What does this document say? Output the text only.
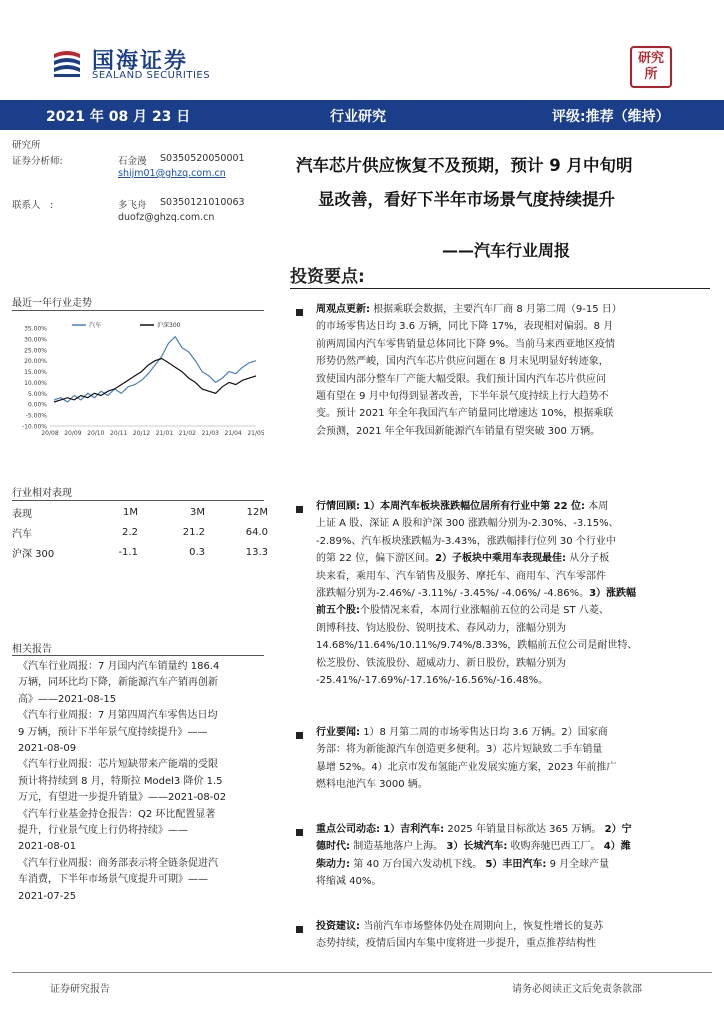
国海证券
SEALAND SECURITIES
研究所
2021 年 08 月 23 日	行业研究	评级:推荐（维持）
研究所
证券分析师:	石金漫 S0350520050001
shijm01@ghzq.com.cn
联系人　:	多飞舟 S0350121010063
duofz@ghzq.com.cn
汽车芯片供应恢复不及预期，预计 9 月中旬明
显改善，看好下半年市场景气度持续提升
——汽车行业周报
最近一年行业走势
35.00%
30.00%
25.00%
20.00%
15.00%
10.00%
5.00%
0.00%
-5.00%
-10.00%
20/08 20/09 20/10 20/11 20/12 21/01 21/02 21/03 21/04 21/05
汽车	沪深300
行业相对表现
表现	1M	3M	12M
汽车	2.2	21.2	64.0
沪深 300	-1.1	0.3	13.3
相关报告
《汽车行业周报：7 月国内汽车销量约 186.4
万辆，同环比均下降，新能源汽车产销再创新
高》——2021-08-15
《汽车行业周报：7 月第四周汽车零售达日均
9 万辆，预计下半年景气度持续提升》——
2021-08-09
《汽车行业周报：芯片短缺带来产能端的受限
预计将持续到 8 月，特斯拉 Model3 降价 1.5
万元，有望进一步提升销量》——2021-08-02
《汽车行业基金持仓报告：Q2 环比配置显著
提升，行业景气度上行仍将持续》——
2021-08-01
《汽车行业周报：商务部表示将全链条促进汽
车消费，下半年市场景气度提升可期》——
2021-07-25
投资要点:
周观点更新: 根据乘联会数据，主要汽车厂商 8 月第二周（9-15 日）
的市场零售达日均 3.6 万辆，同比下降 17%，表现相对偏弱。8 月
前两周国内汽车零售销量总体同比下降 9%。当前马来西亚地区疫情
形势仍然严峻，国内汽车芯片供应问题在 8 月末见明显好转迹象，
致使国内部分整车厂产能大幅受限。我们预计国内汽车芯片供应问
题有望在 9 月中旬得到显著改善，下半年景气度持续上行大趋势不
变。预计 2021 年全年我国汽车产销量同比增速达 10%，根据乘联
会预测，2021 年全年我国新能源汽车销量有望突破 300 万辆。
行情回顾: 1）本周汽车板块涨跌幅位居所有行业中第 22 位: 本周
上证 A 股、深证 A 股和沪深 300 涨跌幅分别为-2.30%、-3.15%、
-2.89%、汽车板块涨跌幅为-3.43%，涨跌幅排行位列 30 个行业中
的第 22 位，偏下游区间。2）子板块中乘用车表现最佳: 从分子板
块来看，乘用车、汽车销售及服务、摩托车、商用车、汽车零部件
涨跌幅分别为-2.46%/ -3.11%/ -3.45%/ -4.06%/ -4.86%。3）涨跌幅
前五个股:个股情况来看，本周行业涨幅前五位的公司是 ST 八菱、
朗博科技、钧达股份、锐明技术、春风动力，涨幅分别为
14.68%/11.64%/10.11%/9.74%/8.33%，跌幅前五位公司是耐世特、
松芝股份、铁流股份、超威动力、新日股份，跌幅分别为
-25.41%/-17.69%/-17.16%/-16.56%/-16.48%。
行业要闻: 1）8 月第二周的市场零售达日均 3.6 万辆。2）国家商
务部：将为新能源汽车创造更多便利。3）芯片短缺致二手车销量
暴增 52%。4）北京市发布氢能产业发展实施方案，2023 年前推广
燃料电池汽车 3000 辆。
重点公司动态: 1）吉利汽车: 2025 年销量目标欲达 365 万辆。 2）宁
德时代: 制造基地落户上海。 3）长城汽车: 收购奔驰巴西工厂。 4）潍
柴动力: 第 40 万台国六发动机下线。 5）丰田汽车: 9 月全球产量
将缩减 40%。
投资建议: 当前汽车市场整体仍处在周期向上，恢复性增长的复苏
态势持续，疫情后国内车集中度将进一步提升，重点推荐结构性
证券研究报告	请务必阅读正文后免责条款部
